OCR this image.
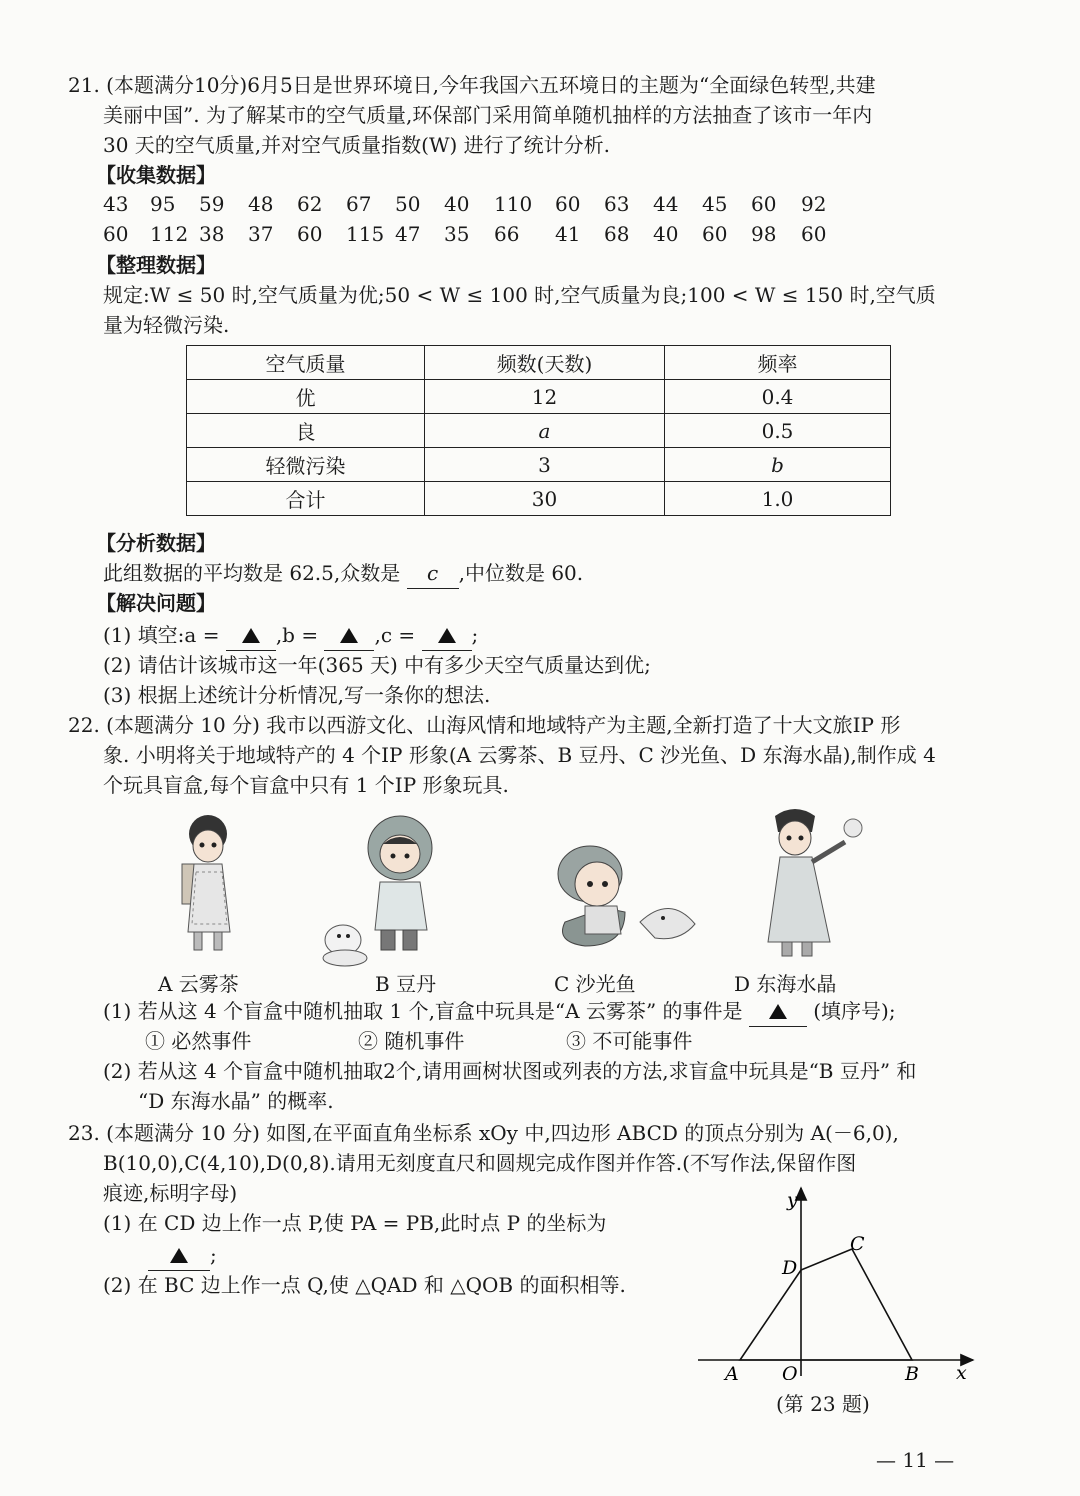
21. (本题满分10分)6月5日是世界环境日,今年我国六五环境日的主题为“全面绿色转型,共建
美丽中国”. 为了解某市的空气质量,环保部门采用简单随机抽样的方法抽查了该市一年内
30 天的空气质量,并对空气质量指数(W) 进行了统计分析.
【收集数据】
43 95 59 48 62 67 50 40 110 60 63 44 45 60 92
60 112 38 37 60 115 47 35 66 41 68 40 60 98 60
【整理数据】
规定:W ≤ 50 时,空气质量为优;50 < W ≤ 100 时,空气质量为良;100 < W ≤ 150 时,空气质
量为轻微污染.
空气质量	频数(天数)	频率
优	12	0.4
良	a	0.5
轻微污染	3	b
合计	30	1.0
【分析数据】
此组数据的平均数是 62.5,众数是 c ,中位数是 60.
【解决问题】
(1) 填空:a =	,b =	,c =	;
(2) 请估计该城市这一年(365 天) 中有多少天空气质量达到优;
(3) 根据上述统计分析情况,写一条你的想法.
22. (本题满分 10 分) 我市以西游文化、山海风情和地域特产为主题,全新打造了十大文旅IP 形
象. 小明将关于地域特产的 4 个IP 形象(A 云雾茶、B 豆丹、C 沙光鱼、D 东海水晶),制作成 4
个玩具盲盒,每个盲盒中只有 1 个IP 形象玩具.
A 云雾茶	B 豆丹	C 沙光鱼	D 东海水晶
(1) 若从这 4 个盲盒中随机抽取 1 个,盲盒中玩具是“A 云雾茶” 的事件是	(填序号);
① 必然事件	② 随机事件	③ 不可能事件
(2) 若从这 4 个盲盒中随机抽取2个,请用画树状图或列表的方法,求盲盒中玩具是“B 豆丹” 和
“D 东海水晶” 的概率.
23. (本题满分 10 分) 如图,在平面直角坐标系 xOy 中,四边形 ABCD 的顶点分别为 A(－6,0),
B(10,0),C(4,10),D(0,8).请用无刻度直尺和圆规完成作图并作答.(不写作法,保留作图
痕迹,标明字母)
(1) 在 CD 边上作一点 P,使 PA = PB,此时点 P 的坐标为
;
(2) 在 BC 边上作一点 Q,使 △QAD 和 △QOB 的面积相等.
y
x
O
A	B
C
D
(第 23 题)
— 11 —
